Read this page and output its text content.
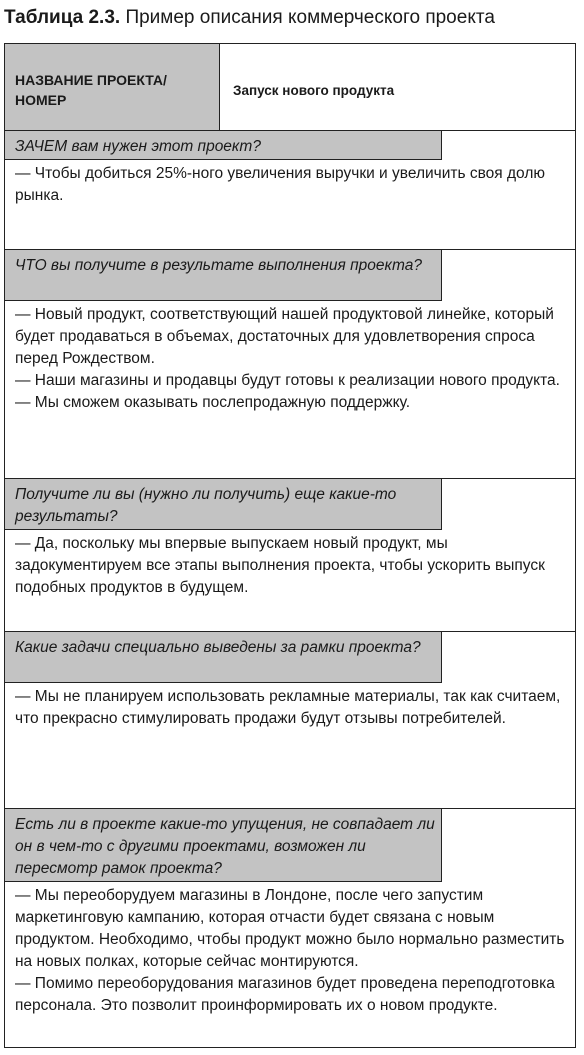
Таблица 2.3. Пример описания коммерческого проекта
НАЗВАНИЕ ПРОЕКТА/
НОМЕР
Запуск нового продукта
ЗАЧЕМ вам нужен этот проект?

— Чтобы добиться 25%-ного увеличения выручки и увеличить своя долю рынка.

ЧТО вы получите в результате выполнения проекта?

— Новый продукт, соответствующий нашей продуктовой линейке, который будет продаваться в объемах, достаточных для удовлетворения спроса перед Рождеством.

— Наши магазины и продавцы будут готовы к реализации нового продукта.

— Мы сможем оказывать послепродажную поддержку.

Получите ли вы (нужно ли получить) еще какие-то результаты?

— Да, поскольку мы впервые выпускаем новый продукт, мы задокументируем все этапы выполнения проекта, чтобы ускорить выпуск подобных продуктов в будущем.

Какие задачи специально выведены за рамки проекта?

— Мы не планируем использовать рекламные материалы, так как считаем, что прекрасно стимулировать продажи будут отзывы потребителей.

Есть ли в проекте какие-то упущения, не совпадает ли он в чем-то с другими проектами, возможен ли пересмотр рамок проекта?

— Мы переоборудуем магазины в Лондоне, после чего запустим маркетинговую кампанию, которая отчасти будет связана с новым продуктом. Необходимо, чтобы продукт можно было нормально разместить на новых полках, которые сейчас монтируются.

— Помимо переоборудования магазинов будет проведена переподготовка персонала. Это позволит проинформировать их о новом продукте.
